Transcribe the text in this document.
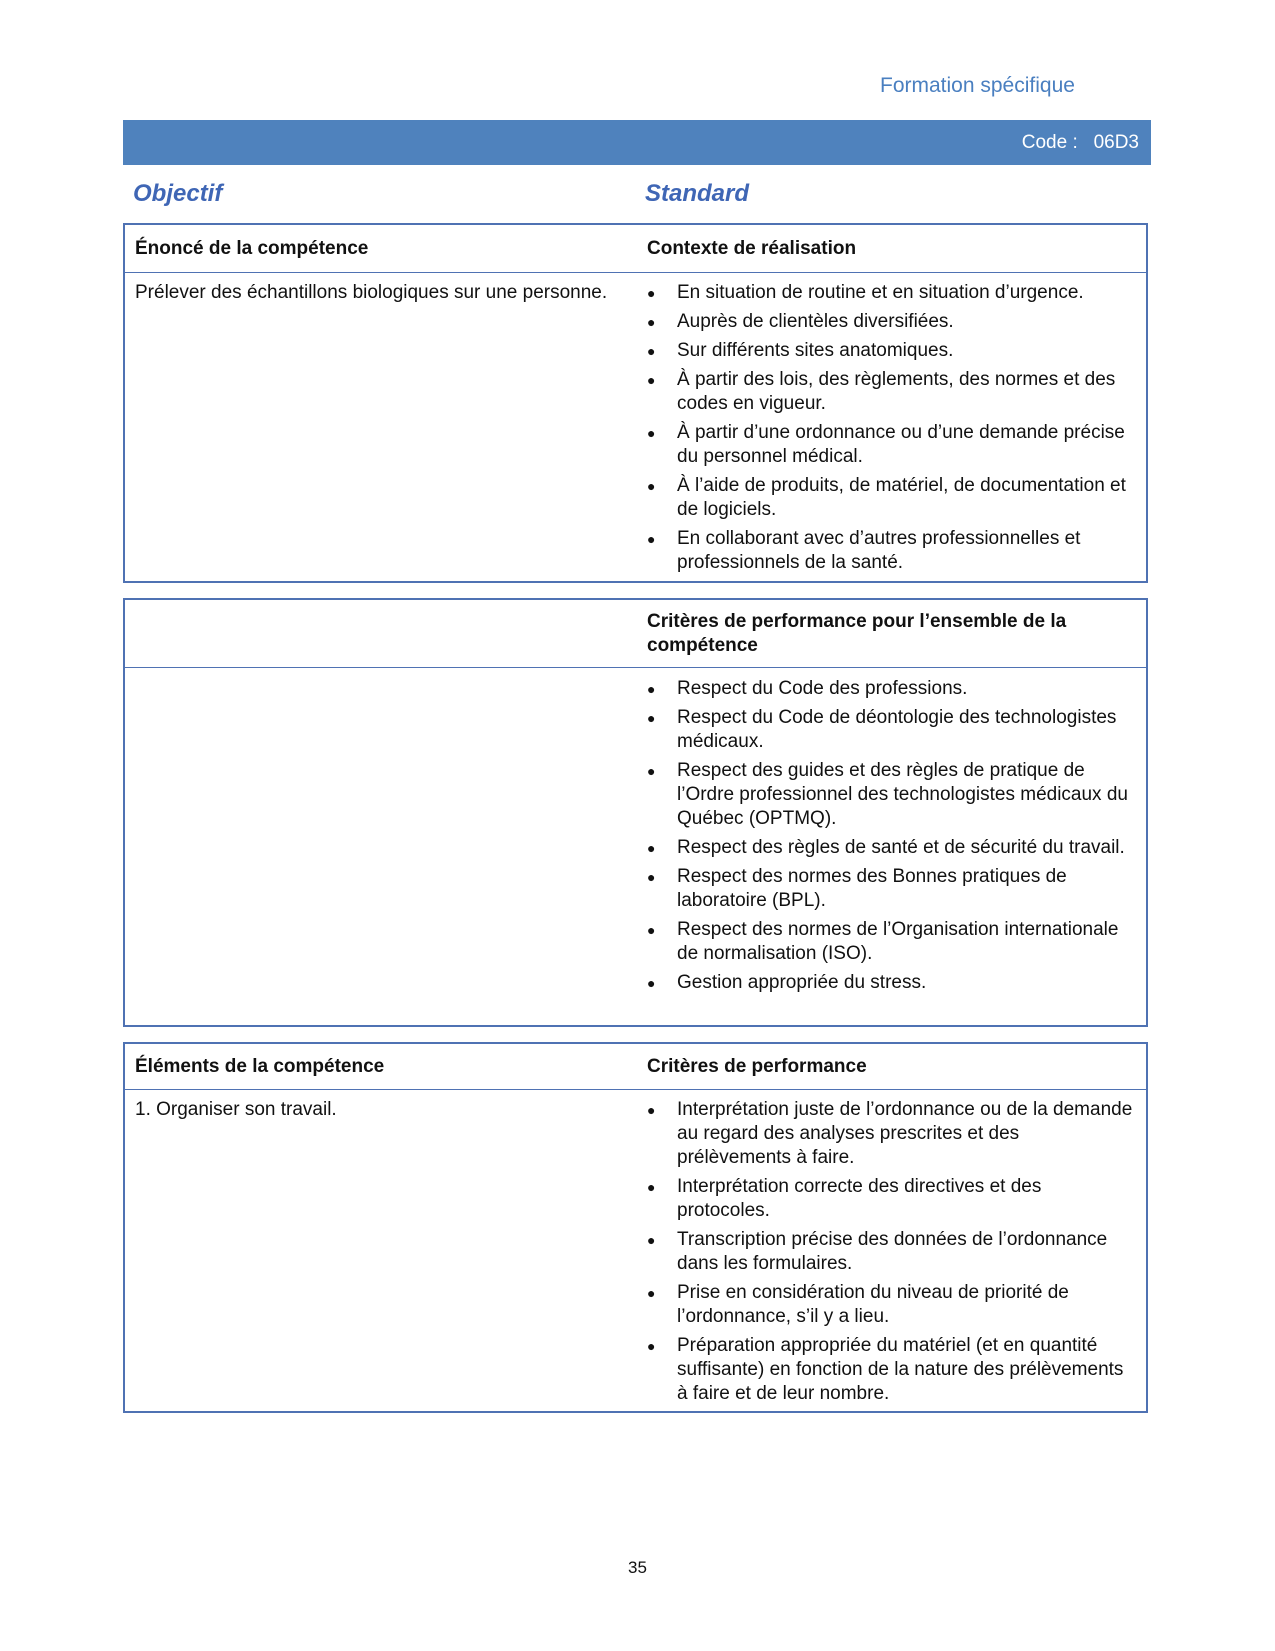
Formation spécifique
Code :   06D3
Objectif	Standard
Énoncé de la compétence	Contexte de réalisation
Prélever des échantillons biologiques sur une personne.	● En situation de routine et en situation d’urgence.
● Auprès de clientèles diversifiées.
● Sur différents sites anatomiques.
● À partir des lois, des règlements, des normes et des codes en vigueur.
● À partir d’une ordonnance ou d’une demande précise du personnel médical.
● À l’aide de produits, de matériel, de documentation et de logiciels.
● En collaborant avec d’autres professionnelles et professionnels de la santé.
Critères de performance pour l’ensemble de la compétence
● Respect du Code des professions.
● Respect du Code de déontologie des technologistes médicaux.
● Respect des guides et des règles de pratique de l’Ordre professionnel des technologistes médicaux du Québec (OPTMQ).
● Respect des règles de santé et de sécurité du travail.
● Respect des normes des Bonnes pratiques de laboratoire (BPL).
● Respect des normes de l’Organisation internationale de normalisation (ISO).
● Gestion appropriée du stress.
Éléments de la compétence	Critères de performance
1. Organiser son travail.	● Interprétation juste de l’ordonnance ou de la demande au regard des analyses prescrites et des prélèvements à faire.
● Interprétation correcte des directives et des protocoles.
● Transcription précise des données de l’ordonnance dans les formulaires.
● Prise en considération du niveau de priorité de l’ordonnance, s’il y a lieu.
● Préparation appropriée du matériel (et en quantité suffisante) en fonction de la nature des prélèvements à faire et de leur nombre.
35
